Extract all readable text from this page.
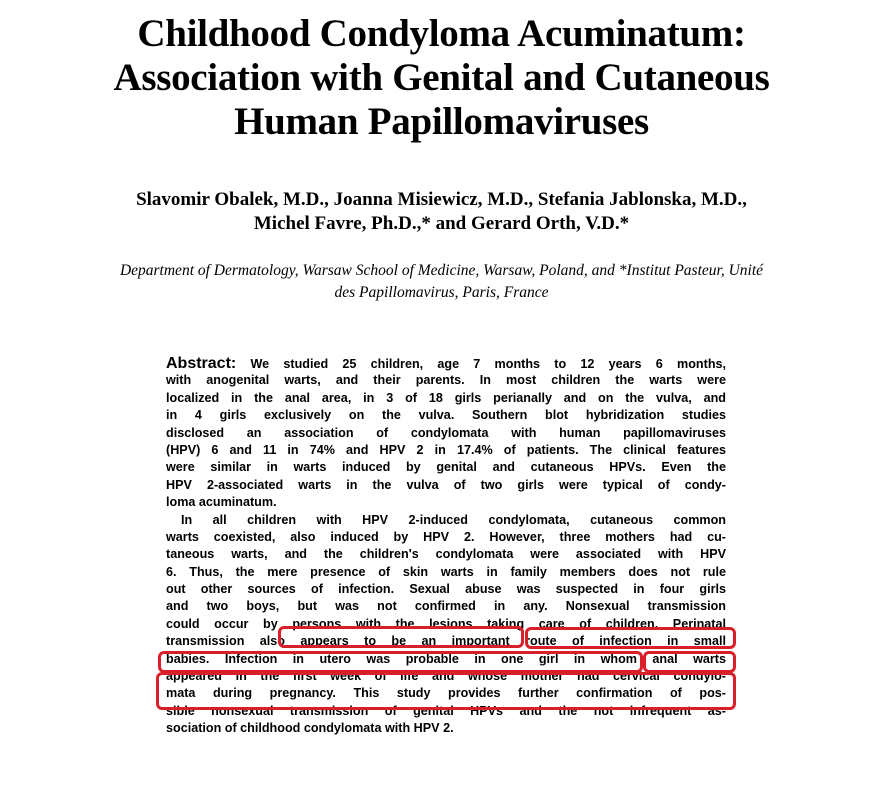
Childhood Condyloma Acuminatum:
Association with Genital and Cutaneous
Human Papillomaviruses
Slavomir Obalek, M.D., Joanna Misiewicz, M.D., Stefania Jablonska, M.D.,
Michel Favre, Ph.D.,* and Gerard Orth, V.D.*
Department of Dermatology, Warsaw School of Medicine, Warsaw, Poland, and *Institut Pasteur, Unité
des Papillomavirus, Paris, France
Abstract: We studied 25 children, age 7 months to 12 years 6 months,
with anogenital warts, and their parents. In most children the warts were
localized in the anal area, in 3 of 18 girls perianally and on the vulva, and
in 4 girls exclusively on the vulva. Southern blot hybridization studies
disclosed an association of condylomata with human papillomaviruses
(HPV) 6 and 11 in 74% and HPV 2 in 17.4% of patients. The clinical features
were similar in warts induced by genital and cutaneous HPVs. Even the
HPV 2-associated warts in the vulva of two girls were typical of condy-
loma acuminatum.
In all children with HPV 2-induced condylomata, cutaneous common
warts coexisted, also induced by HPV 2. However, three mothers had cu-
taneous warts, and the children's condylomata were associated with HPV
6. Thus, the mere presence of skin warts in family members does not rule
out other sources of infection. Sexual abuse was suspected in four girls
and two boys, but was not confirmed in any. Nonsexual transmission
could occur by persons with the lesions taking care of children. Perinatal
transmission also appears to be an important route of infection in small
babies. Infection in utero was probable in one girl in whom anal warts
appeared in the first week of life and whose mother had cervical condylo-
mata during pregnancy. This study provides further confirmation of pos-
sible nonsexual transmission of genital HPVs and the not infrequent as-
sociation of childhood condylomata with HPV 2.
